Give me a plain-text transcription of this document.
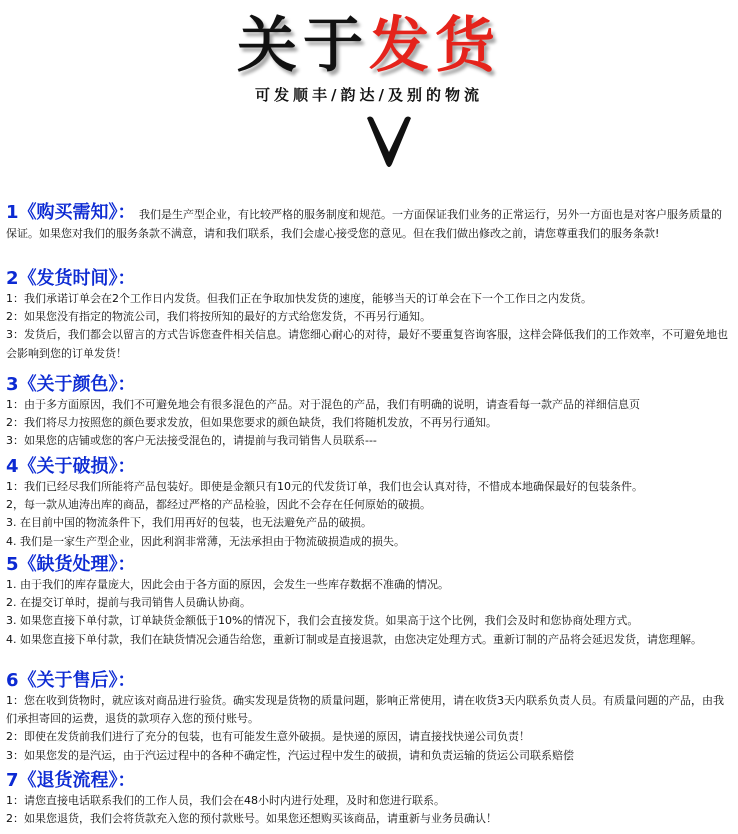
关于发货
可发顺丰/韵达/及别的物流
1《购买需知》： 我们是生产型企业，有比较严格的服务制度和规范。一方面保证我们业务的正常运行，另外一方面也是对客户服务质量的保证。如果您对我们的服务条款不满意，请和我们联系，我们会虚心接受您的意见。但在我们做出修改之前，请您尊重我们的服务条款!
2《发货时间》：

1：我们承诺订单会在2个工作日内发货。但我们正在争取加快发货的速度，能够当天的订单会在下一个工作日之内发货。

2：如果您没有指定的物流公司，我们将按所知的最好的方式给您发货，不再另行通知。

3：发货后，我们都会以留言的方式告诉您查件相关信息。请您细心耐心的对待，最好不要重复咨询客服，这样会降低我们的工作效率，不可避免地也会影响到您的订单发货！

3《关于颜色》：

1：由于多方面原因，我们不可避免地会有很多混色的产品。对于混色的产品，我们有明确的说明，请查看每一款产品的祥细信息页

2：我们将尽力按照您的颜色要求发放，但如果您要求的颜色缺货，我们将随机发放，不再另行通知。

3：如果您的店铺或您的客户无法接受混色的，请提前与我司销售人员联系---

4《关于破损》：

1：我们已经尽我们所能将产品包装好。即使是金额只有10元的代发货订单，我们也会认真对待，不惜成本地确保最好的包装条件。

2，每一款从迪涛出库的商品，都经过严格的产品检验，因此不会存在任何原始的破损。

3. 在目前中国的物流条件下，我们用再好的包装，也无法避免产品的破损。

4. 我们是一家生产型企业，因此利润非常薄，无法承担由于物流破损造成的损失。

5《缺货处理》：

1. 由于我们的库存量庞大，因此会由于各方面的原因，会发生一些库存数据不准确的情况。

2. 在提交订单时，提前与我司销售人员确认协商。

3. 如果您直接下单付款，订单缺货金额低于10%的情况下，我们会直接发货。如果高于这个比例，我们会及时和您协商处理方式。

4. 如果您直接下单付款，我们在缺货情况会通告给您，重新订制或是直接退款，由您决定处理方式。重新订制的产品将会延迟发货，请您理解。

6《关于售后》：

1：您在收到货物时，就应该对商品进行验货。确实发现是货物的质量问题，影响正常使用，请在收货3天内联系负责人员。有质量问题的产品，由我们承担寄回的运费，退货的款项存入您的预付账号。

2：即使在发货前我们进行了充分的包装，也有可能发生意外破损。是快递的原因，请直接找快递公司负责！

3：如果您发的是汽运，由于汽运过程中的各种不确定性，汽运过程中发生的破损，请和负责运输的货运公司联系赔偿

7《退货流程》：

1：请您直接电话联系我们的工作人员，我们会在48小时内进行处理，及时和您进行联系。

2：如果您退货，我们会将货款充入您的预付款账号。如果您还想购买该商品，请重新与业务员确认！
